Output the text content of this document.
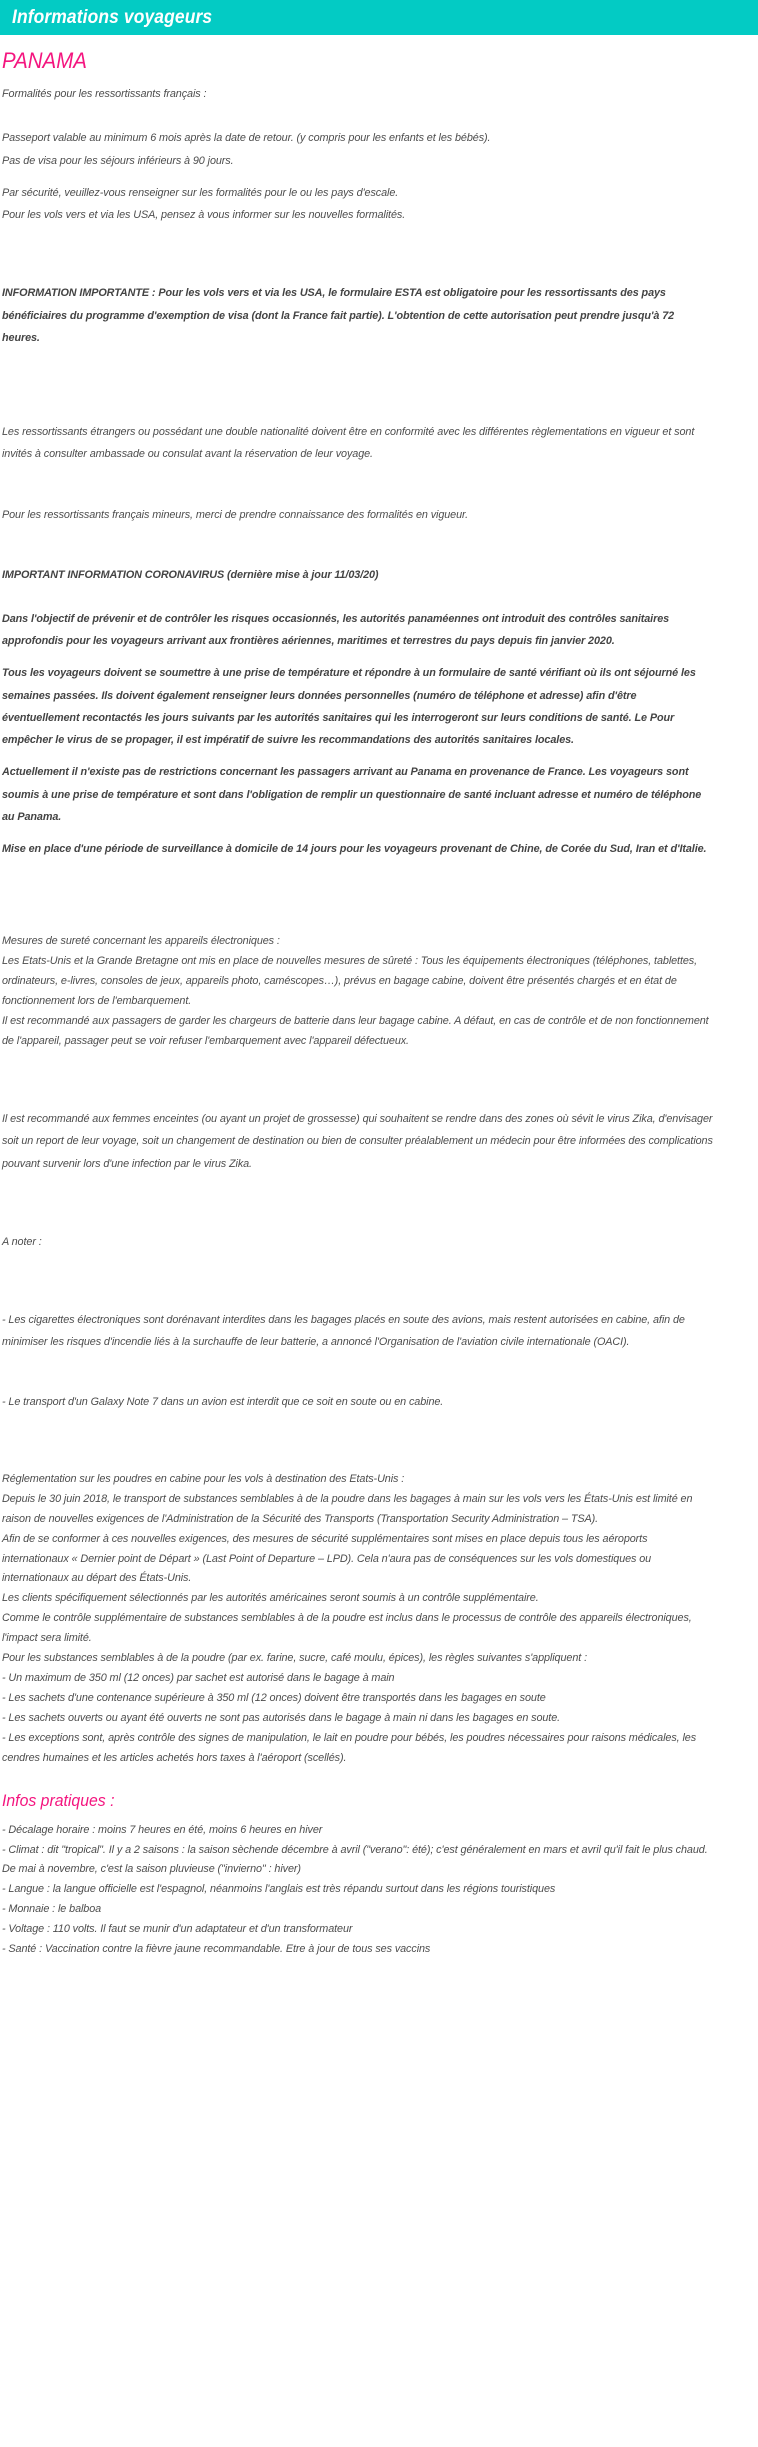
Informations voyageurs
PANAMA

Formalités pour les ressortissants français :

Passeport valable au minimum 6 mois après la date de retour. (y compris pour les enfants et les bébés).

Pas de visa pour les séjours inférieurs à 90 jours.

Par sécurité, veuillez-vous renseigner sur les formalités pour le ou les pays d'escale.

Pour les vols vers et via les USA, pensez à vous informer sur les nouvelles formalités.

INFORMATION IMPORTANTE : Pour les vols vers et via les USA, le formulaire ESTA est obligatoire pour les ressortissants des pays bénéficiaires du programme d'exemption de visa (dont la France fait partie). L'obtention de cette autorisation peut prendre jusqu'à 72 heures.

Les ressortissants étrangers ou possédant une double nationalité doivent être en conformité avec les différentes règlementations en vigueur et sont invités à consulter ambassade ou consulat avant la réservation de leur voyage.

Pour les ressortissants français mineurs, merci de prendre connaissance des formalités en vigueur.

IMPORTANT INFORMATION CORONAVIRUS (dernière mise à jour 11/03/20)

Dans l'objectif de prévenir et de contrôler les risques occasionnés, les autorités panaméennes ont introduit des contrôles sanitaires approfondis pour les voyageurs arrivant aux frontières aériennes, maritimes et terrestres du pays depuis fin janvier 2020.

Tous les voyageurs doivent se soumettre à une prise de température et répondre à un formulaire de santé vérifiant où ils ont séjourné les semaines passées. Ils doivent également renseigner leurs données personnelles (numéro de téléphone et adresse) afin d'être éventuellement recontactés les jours suivants par les autorités sanitaires qui les interrogeront sur leurs conditions de santé. Le Pour empêcher le virus de se propager, il est impératif de suivre les recommandations des autorités sanitaires locales.

Actuellement il n'existe pas de restrictions concernant les passagers arrivant au Panama en provenance de France. Les voyageurs sont soumis à une prise de température et sont dans l'obligation de remplir un questionnaire de santé incluant adresse et numéro de téléphone au Panama.

Mise en place d'une période de surveillance à domicile de 14 jours pour les voyageurs provenant de Chine, de Corée du Sud, Iran et d'Italie.

Mesures de sureté concernant les appareils électroniques :

Les Etats-Unis et la Grande Bretagne ont mis en place de nouvelles mesures de sûreté : Tous les équipements électroniques (téléphones, tablettes, ordinateurs, e-livres, consoles de jeux, appareils photo, caméscopes…), prévus en bagage cabine, doivent être présentés chargés et en état de fonctionnement lors de l'embarquement.

Il est recommandé aux passagers de garder les chargeurs de batterie dans leur bagage cabine. A défaut, en cas de contrôle et de non fonctionnement de l'appareil, passager peut se voir refuser l'embarquement avec l'appareil défectueux.

Il est recommandé aux femmes enceintes (ou ayant un projet de grossesse) qui souhaitent se rendre dans des zones où sévit le virus Zika, d'envisager soit un report de leur voyage, soit un changement de destination ou bien de consulter préalablement un médecin pour être informées des complications pouvant survenir lors d'une infection par le virus Zika.

A noter :

- Les cigarettes électroniques sont dorénavant interdites dans les bagages placés en soute des avions, mais restent autorisées en cabine, afin de minimiser les risques d'incendie liés à la surchauffe de leur batterie, a annoncé l'Organisation de l'aviation civile internationale (OACI).

- Le transport d'un Galaxy Note 7 dans un avion est interdit que ce soit en soute ou en cabine.

Réglementation sur les poudres en cabine pour les vols à destination des Etats-Unis :

Depuis le 30 juin 2018, le transport de substances semblables à de la poudre dans les bagages à main sur les vols vers les États-Unis est limité en raison de nouvelles exigences de l'Administration de la Sécurité des Transports (Transportation Security Administration – TSA).

Afin de se conformer à ces nouvelles exigences, des mesures de sécurité supplémentaires sont mises en place depuis tous les aéroports internationaux « Dernier point de Départ » (Last Point of Departure – LPD). Cela n'aura pas de conséquences sur les vols domestiques ou internationaux au départ des États-Unis.

Les clients spécifiquement sélectionnés par les autorités américaines seront soumis à un contrôle supplémentaire.

Comme le contrôle supplémentaire de substances semblables à de la poudre est inclus dans le processus de contrôle des appareils électroniques, l'impact sera limité.

Pour les substances semblables à de la poudre (par ex. farine, sucre, café moulu, épices), les règles suivantes s'appliquent :

- Un maximum de 350 ml (12 onces) par sachet est autorisé dans le bagage à main

- Les sachets d'une contenance supérieure à 350 ml (12 onces) doivent être transportés dans les bagages en soute

- Les sachets ouverts ou ayant été ouverts ne sont pas autorisés dans le bagage à main ni dans les bagages en soute.

- Les exceptions sont, après contrôle des signes de manipulation, le lait en poudre pour bébés, les poudres nécessaires pour raisons médicales, les cendres humaines et les articles achetés hors taxes à l'aéroport (scellés).

Infos pratiques :

- Décalage horaire : moins 7 heures en été, moins 6 heures en hiver

- Climat : dit "tropical". Il y a 2 saisons : la saison sèchende décembre à avril ("verano": été); c'est généralement en mars et avril qu'il fait le plus chaud. De mai à novembre, c'est la saison pluvieuse ("invierno" : hiver)

- Langue : la langue officielle est l'espagnol, néanmoins l'anglais est très répandu surtout dans les régions touristiques

- Monnaie : le balboa

- Voltage : 110 volts. Il faut se munir d'un adaptateur et d'un transformateur

- Santé : Vaccination contre la fièvre jaune recommandable. Etre à jour de tous ses vaccins
